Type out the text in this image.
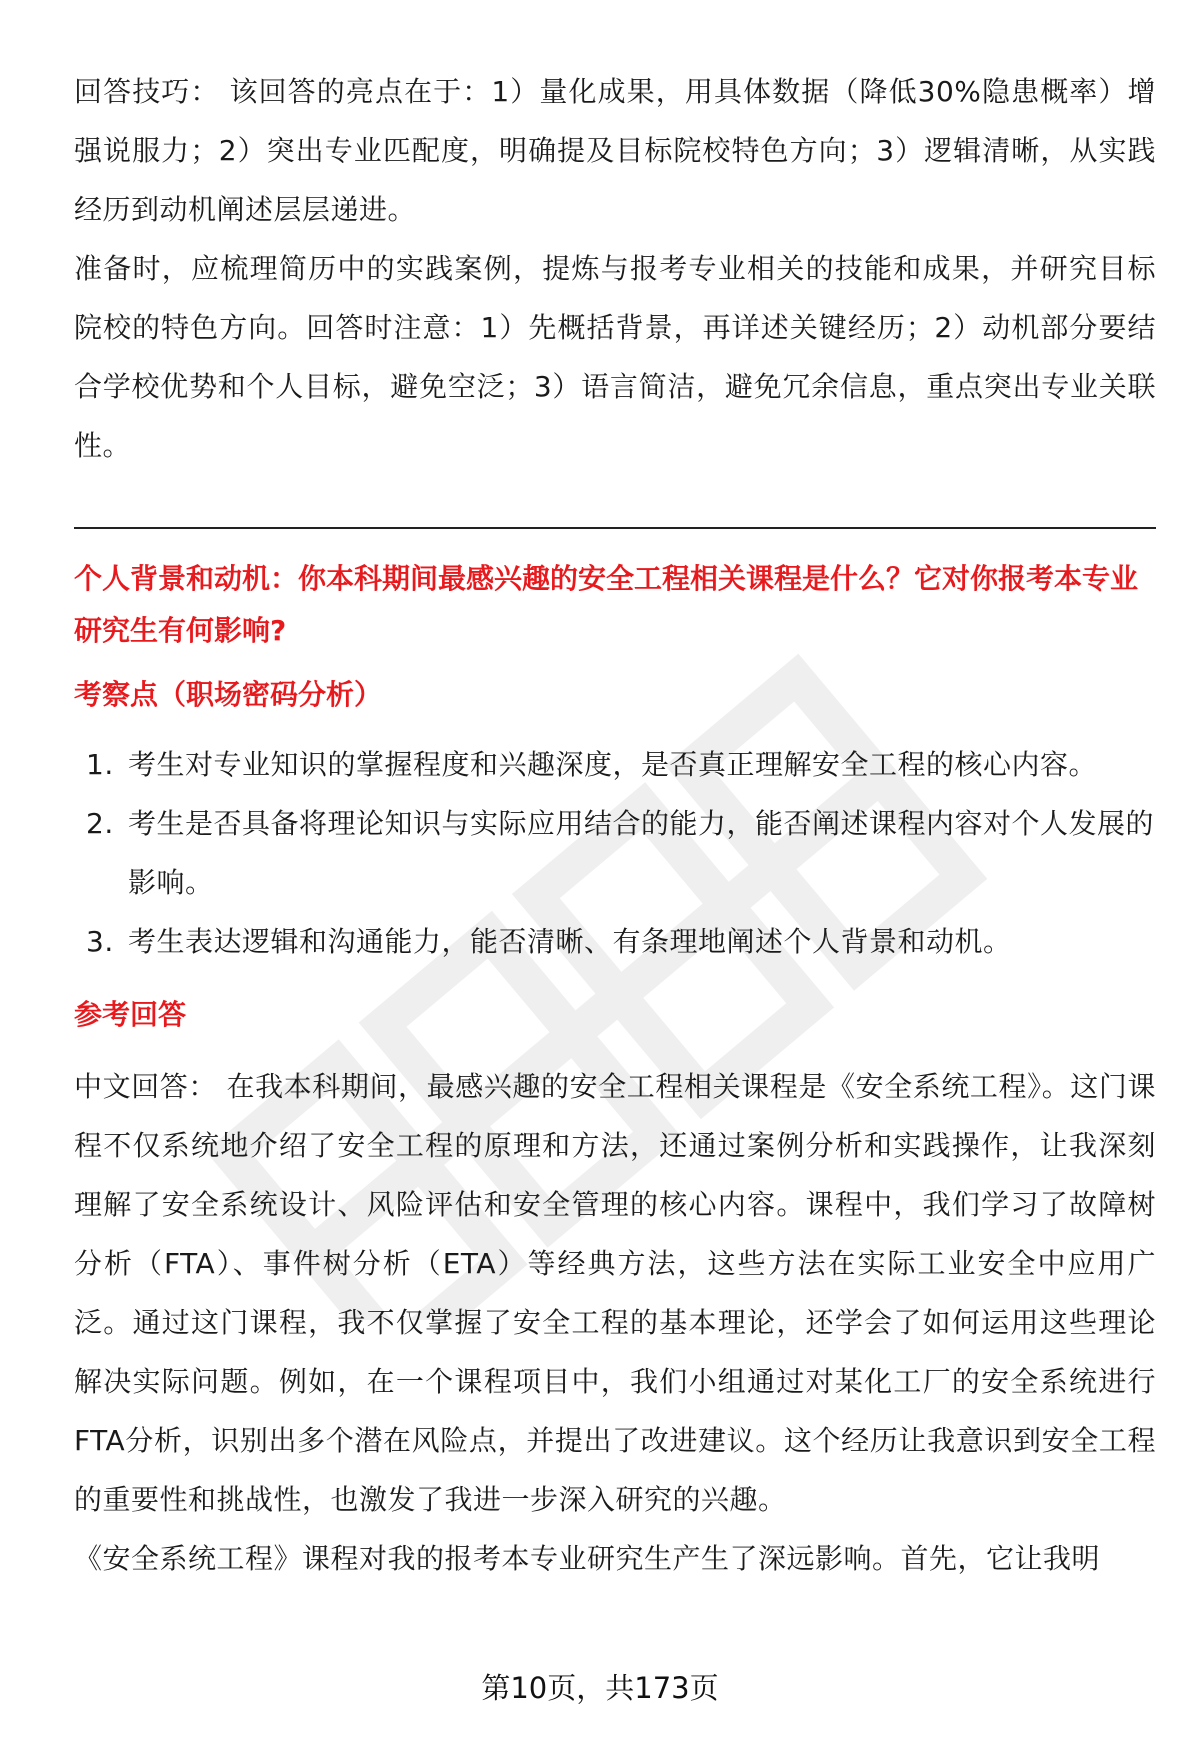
回答技巧： 该回答的亮点在于：1）量化成果，用具体数据（降低30%隐患概率）增强说服力；2）突出专业匹配度，明确提及目标院校特色方向；3）逻辑清晰，从实践经历到动机阐述层层递进。

准备时，应梳理简历中的实践案例，提炼与报考专业相关的技能和成果，并研究目标院校的特色方向。回答时注意：1）先概括背景，再详述关键经历；2）动机部分要结合学校优势和个人目标，避免空泛；3）语言简洁，避免冗余信息，重点突出专业关联性。

个人背景和动机：你本科期间最感兴趣的安全工程相关课程是什么？它对你报考本专业研究生有何影响?

考察点（职场密码分析）

1. 考生对专业知识的掌握程度和兴趣深度，是否真正理解安全工程的核心内容。
2. 考生是否具备将理论知识与实际应用结合的能力，能否阐述课程内容对个人发展的影响。
3. 考生表达逻辑和沟通能力，能否清晰、有条理地阐述个人背景和动机。

参考回答

中文回答： 在我本科期间，最感兴趣的安全工程相关课程是《安全系统工程》。这门课程不仅系统地介绍了安全工程的原理和方法，还通过案例分析和实践操作，让我深刻理解了安全系统设计、风险评估和安全管理的核心内容。课程中，我们学习了故障树分析（FTA）、事件树分析（ETA）等经典方法，这些方法在实际工业安全中应用广泛。通过这门课程，我不仅掌握了安全工程的基本理论，还学会了如何运用这些理论解决实际问题。例如，在一个课程项目中，我们小组通过对某化工厂的安全系统进行FTA分析，识别出多个潜在风险点，并提出了改进建议。这个经历让我意识到安全工程的重要性和挑战性，也激发了我进一步深入研究的兴趣。

《安全系统工程》课程对我的报考本专业研究生产生了深远影响。首先，它让我明

第10页，共173页
